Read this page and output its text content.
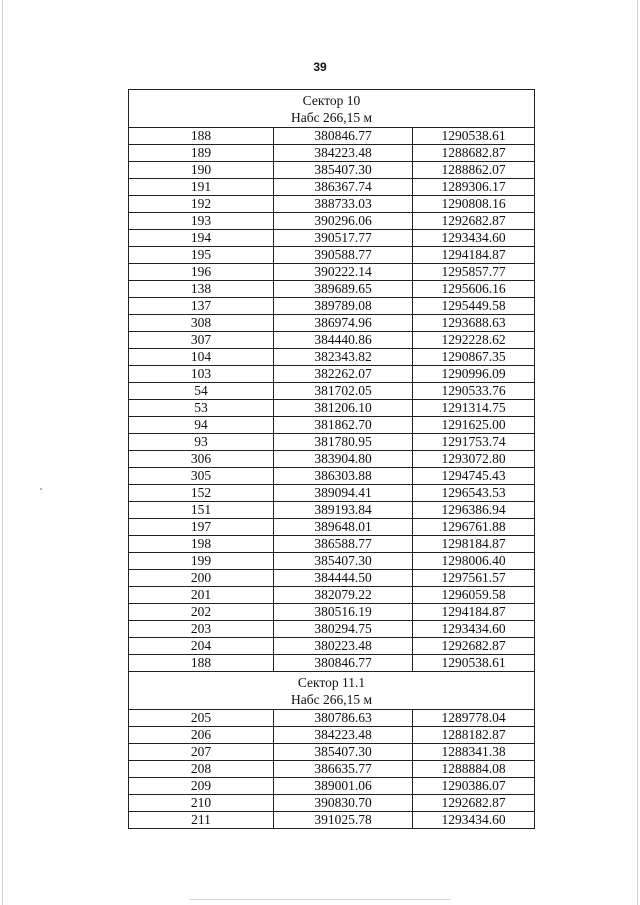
39
Сектор 10
Набс 266,15 м		

188	380846.77	1290538.61
189	384223.48	1288682.87
190	385407.30	1288862.07
191	386367.74	1289306.17
192	388733.03	1290808.16
193	390296.06	1292682.87
194	390517.77	1293434.60
195	390588.77	1294184.87
196	390222.14	1295857.77
138	389689.65	1295606.16
137	389789.08	1295449.58
308	386974.96	1293688.63
307	384440.86	1292228.62
104	382343.82	1290867.35
103	382262.07	1290996.09
54	381702.05	1290533.76
53	381206.10	1291314.75
94	381862.70	1291625.00
93	381780.95	1291753.74
306	383904.80	1293072.80
305	386303.88	1294745.43
152	389094.41	1296543.53
151	389193.84	1296386.94
197	389648.01	1296761.88
198	386588.77	1298184.87
199	385407.30	1298006.40
200	384444.50	1297561.57
201	382079.22	1296059.58
202	380516.19	1294184.87
203	380294.75	1293434.60
204	380223.48	1292682.87
188	380846.77	1290538.61

Сектор 11.1
Набс 266,15 м		

205	380786.63	1289778.04
206	384223.48	1288182.87
207	385407.30	1288341.38
208	386635.77	1288884.08
209	389001.06	1290386.07
210	390830.70	1292682.87
211	391025.78	1293434.60
